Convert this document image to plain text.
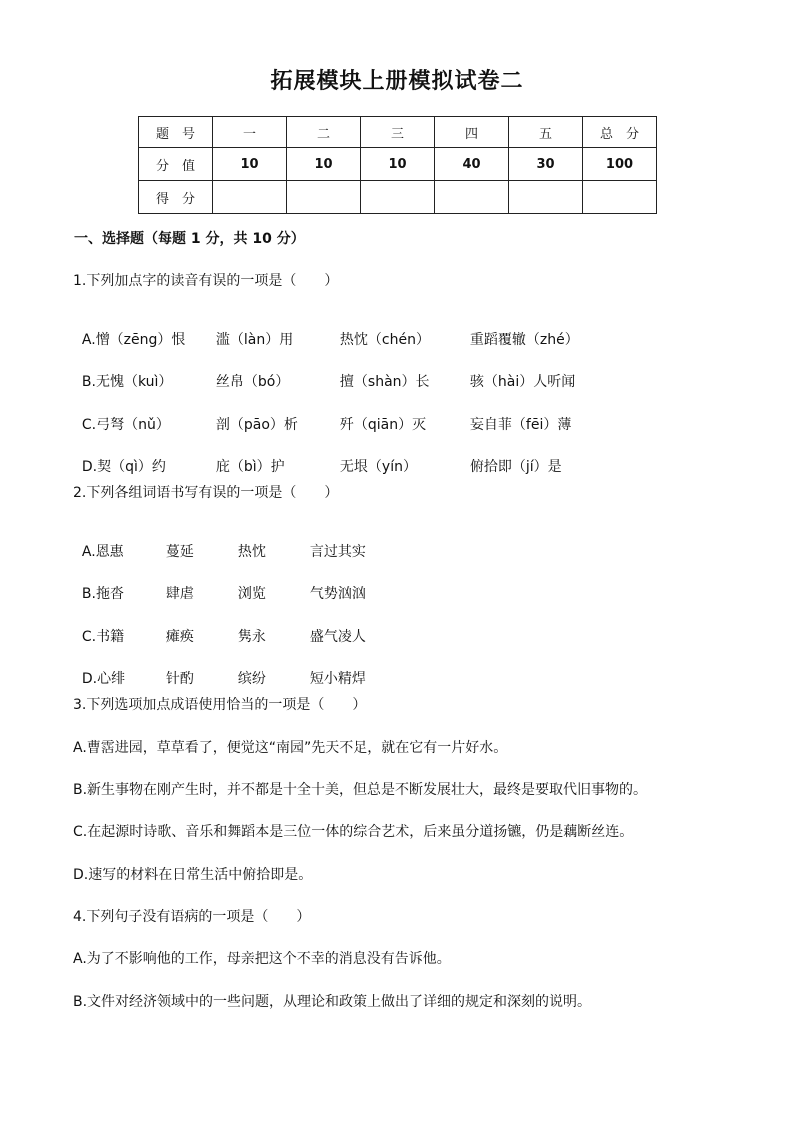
拓展模块上册模拟试卷二
题　号	一	二	三	四	五	总　分
分　值	10	10	10	40	30	100
得　分						
一、选择题（每题 1 分，共 10 分）
1.下列加点字的读音有误的一项是（　　）

A.憎（zēng）恨 滥（làn）用	热忱（chén）	重蹈覆辙（zhé）

B.无愧（kuì）	丝帛（bó）	擅（shàn）长	骇（hài）人听闻

C.弓弩（nǔ）	剖（pāo）析	歼（qiān）灭	妄自菲（fēi）薄

D.契（qì）约	庇（bì）护	无垠（yín）	俯拾即（jí）是

2.下列各组词语书写有误的一项是（　　）

A.恩惠	蔓延	热忱	言过其实

B.拖沓	肆虐	浏览	气势汹汹

C.书籍	瘫痪	隽永	盛气凌人

D.心绯	针酌	缤纷	短小精焊

3.下列选项加点成语使用恰当的一项是（　　）
A.曹霑进园，草草看了，便觉这“南园”先天不足，就在它有一片好水。
B.新生事物在刚产生时，并不都是十全十美，但总是不断发展壮大，最终是要取代旧事物的。
C.在起源时诗歌、音乐和舞蹈本是三位一体的综合艺术，后来虽分道扬镳，仍是藕断丝连。
D.速写的材料在日常生活中俯拾即是。
4.下列句子没有语病的一项是（　　）
A.为了不影响他的工作，母亲把这个不幸的消息没有告诉他。
B.文件对经济领域中的一些问题，从理论和政策上做出了详细的规定和深刻的说明。
